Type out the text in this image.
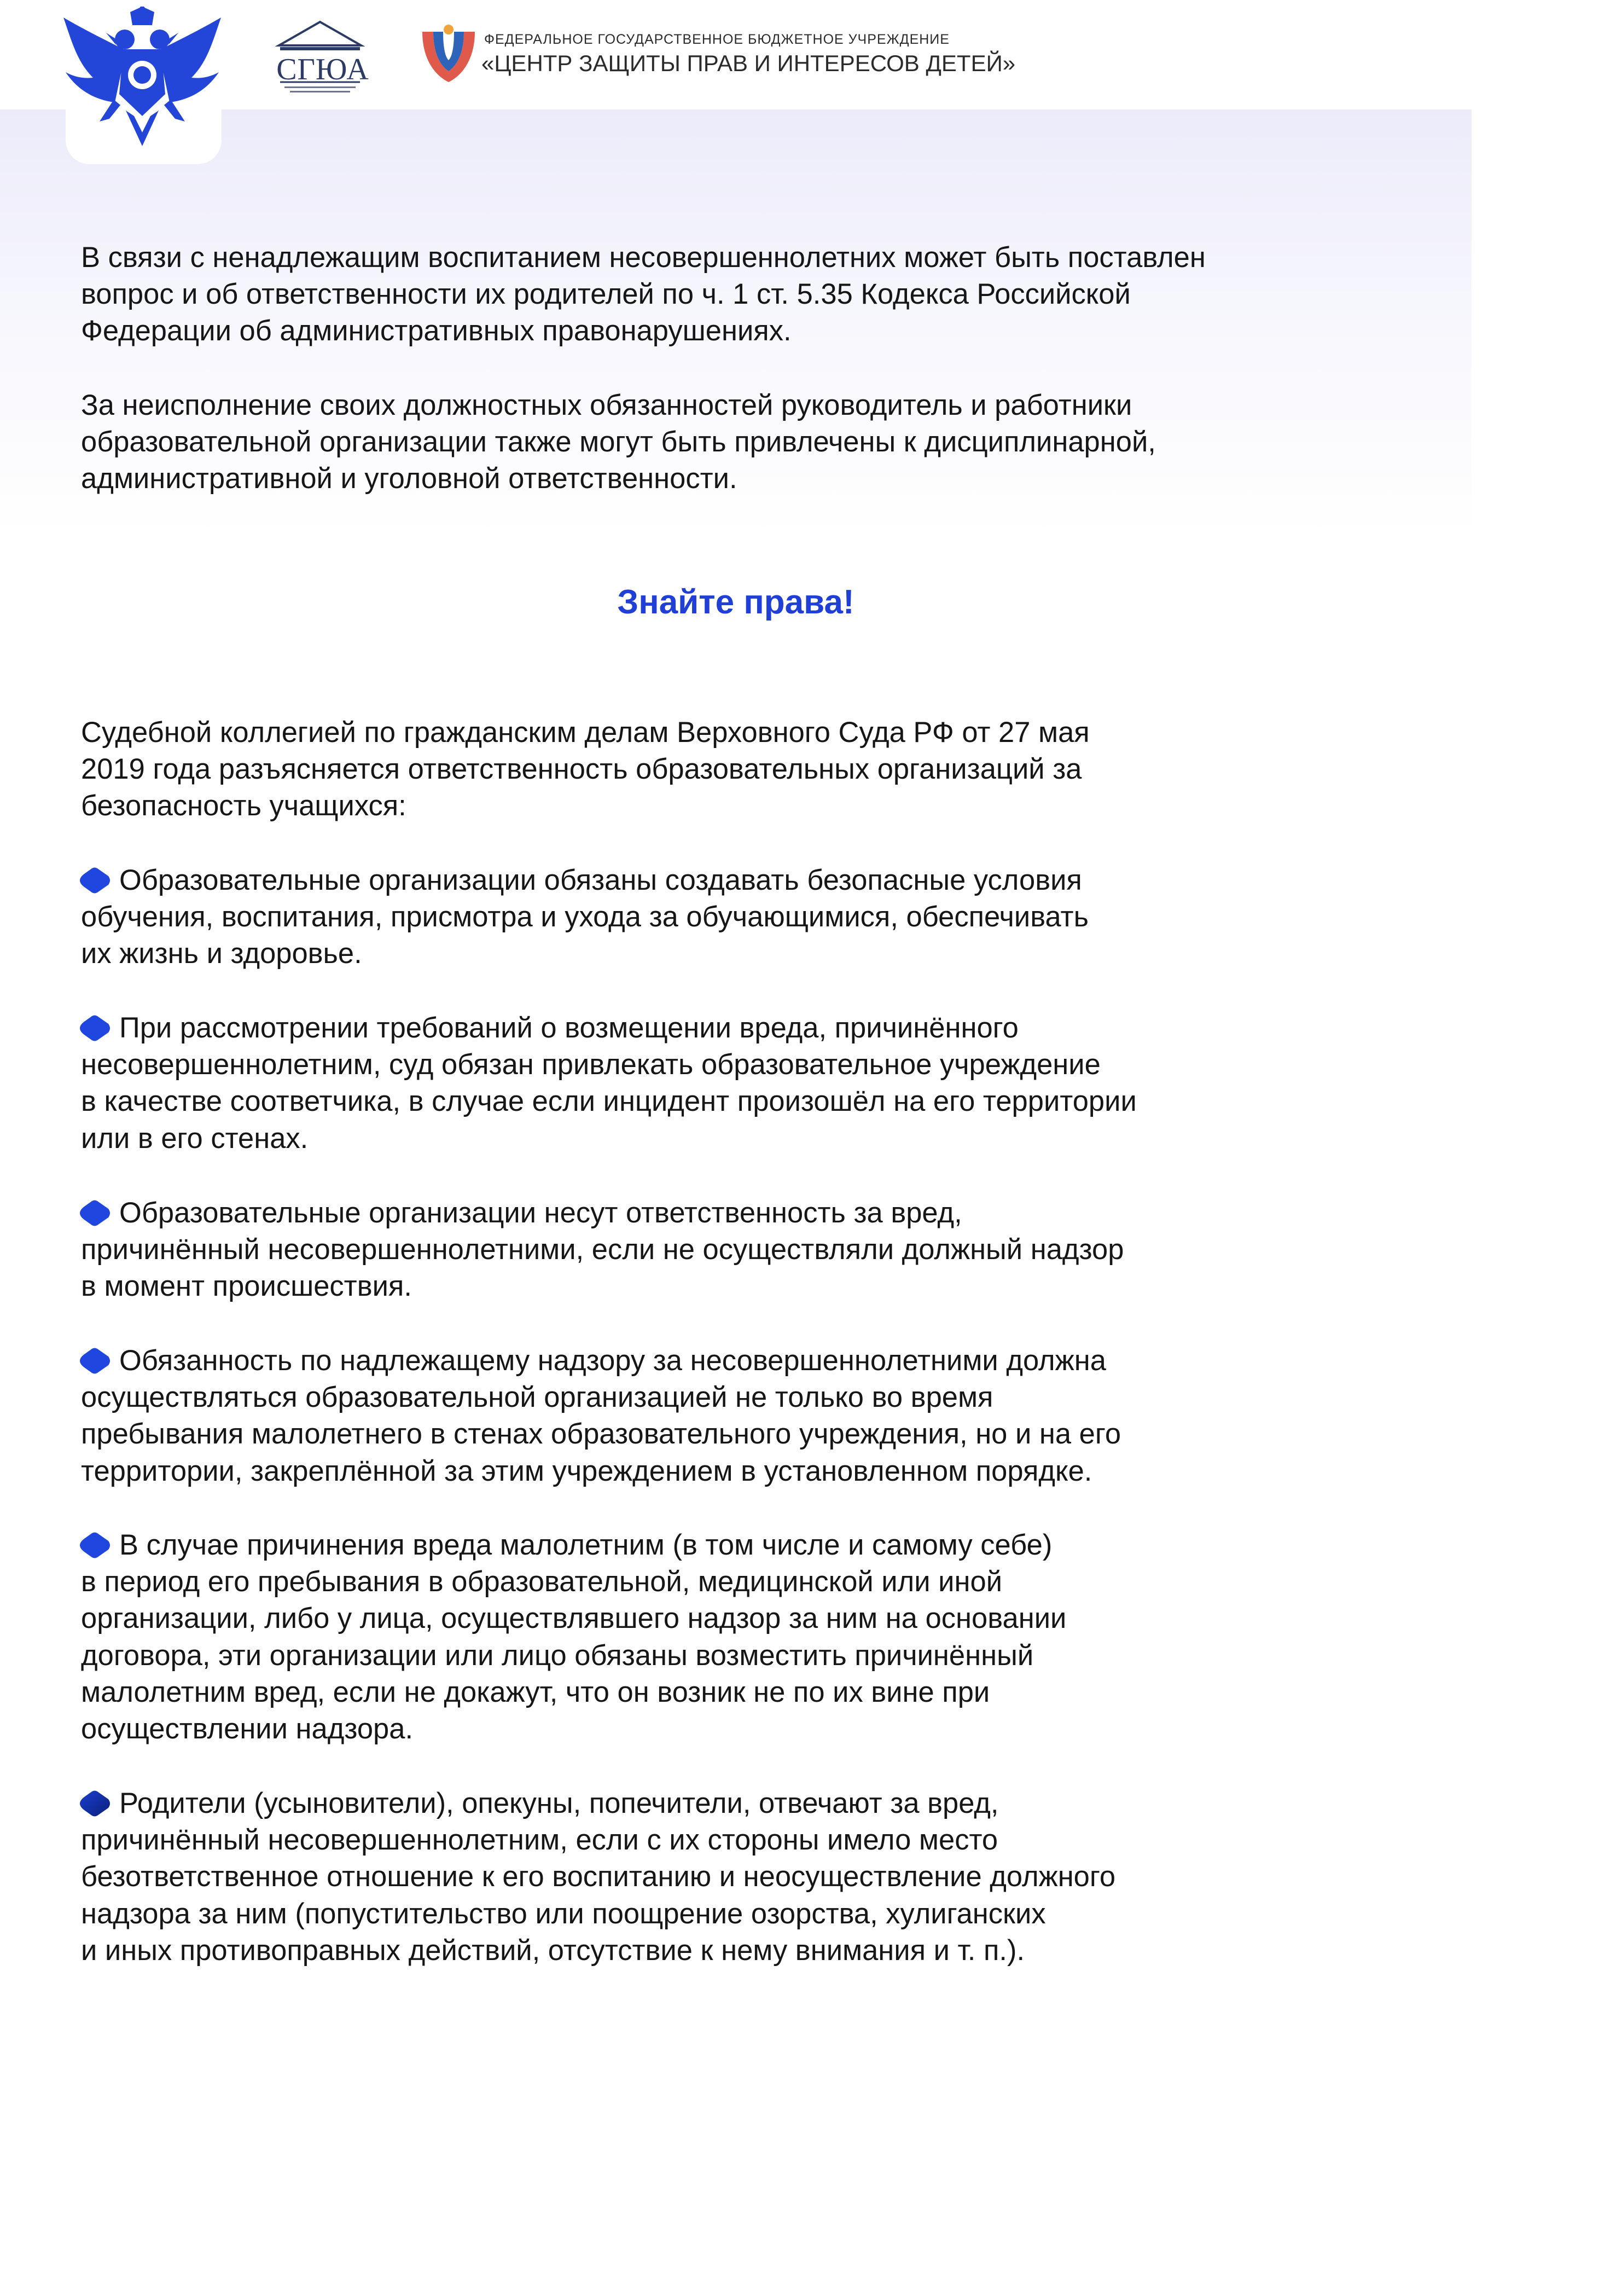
СГЮА
ФЕДЕРАЛЬНОЕ ГОСУДАРСТВЕННОЕ БЮДЖЕТНОЕ УЧРЕЖДЕНИЕ
«ЦЕНТР ЗАЩИТЫ ПРАВ И ИНТЕРЕСОВ ДЕТЕЙ»
В связи с ненадлежащим воспитанием несовершеннолетних может быть поставлен
вопрос и об ответственности их родителей по ч. 1 ст. 5.35 Кодекса Российской
Федерации об административных правонарушениях.
За неисполнение своих должностных обязанностей руководитель и работники
образовательной организации также могут быть привлечены к дисциплинарной,
административной и уголовной ответственности.
Знайте права!
Судебной коллегией по гражданским делам Верховного Суда РФ от 27 мая
2019 года разъясняется ответственность образовательных организаций за
безопасность учащихся:
Образовательные организации обязаны создавать безопасные условия
обучения, воспитания, присмотра и ухода за обучающимися, обеспечивать
их жизнь и здоровье.
При рассмотрении требований о возмещении вреда, причинённого
несовершеннолетним, суд обязан привлекать образовательное учреждение
в качестве соответчика, в случае если инцидент произошёл на его территории
или в его стенах.
Образовательные организации несут ответственность за вред,
причинённый несовершеннолетними, если не осуществляли должный надзор
в момент происшествия.
Обязанность по надлежащему надзору за несовершеннолетними должна
осуществляться образовательной организацией не только во время
пребывания малолетнего в стенах образовательного учреждения, но и на его
территории, закреплённой за этим учреждением в установленном порядке.
В случае причинения вреда малолетним (в том числе и самому себе)
в период его пребывания в образовательной, медицинской или иной
организации, либо у лица, осуществлявшего надзор за ним на основании
договора, эти организации или лицо обязаны возместить причинённый
малолетним вред, если не докажут, что он возник не по их вине при
осуществлении надзора.
Родители (усыновители), опекуны, попечители, отвечают за вред,
причинённый несовершеннолетним, если с их стороны имело место
безответственное отношение к его воспитанию и неосуществление должного
надзора за ним (попустительство или поощрение озорства, хулиганских
и иных противоправных действий, отсутствие к нему внимания и т. п.).
